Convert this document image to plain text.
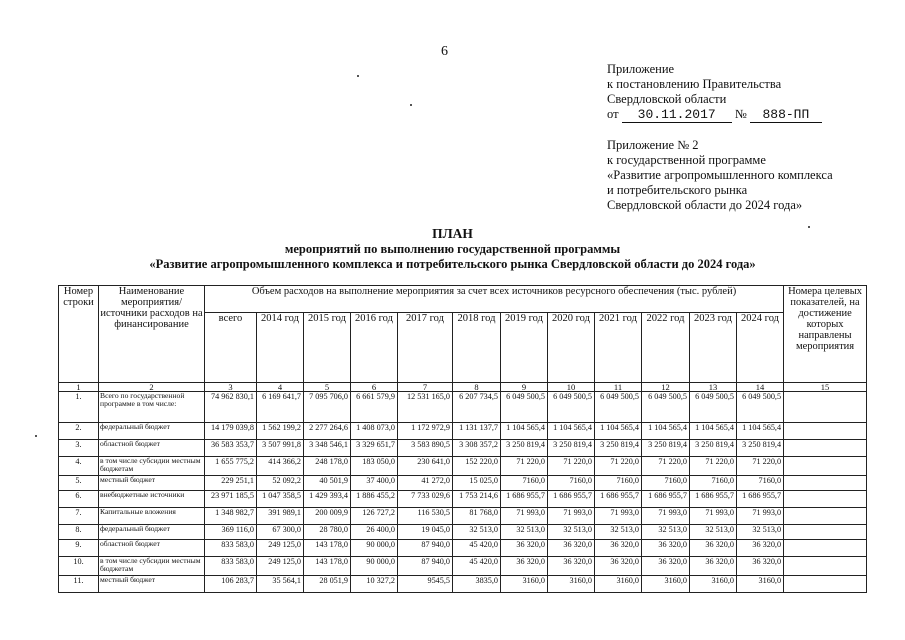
6
Приложение
к постановлению Правительства
Свердловской области
от 30.11.2017 № 888-ПП
Приложение № 2
к государственной программе
«Развитие агропромышленного комплекса
и потребительского рынка
Свердловской области до 2024 года»
ПЛАН
мероприятий по выполнению государственной программы
«Развитие агропромышленного комплекса и потребительского рынка Свердловской области до 2024 года»
Номер строки	Наименование мероприятия/ источники расходов на финансирование	Объем расходов на выполнение мероприятия за счет всех источников ресурсного обеспечения (тыс. рублей)												Номера целевых показателей, на достижение которых направлены мероприятия
		всего	2014 год	2015 год	2016 год	2017 год	2018 год	2019 год	2020 год	2021 год	2022 год	2023 год	2024 год	
1	2	3	4	5	6	7	8	9	10	11	12	13	14	15
1.	Всего по государственной программе в том числе:	74 962 830,1	6 169 641,7	7 095 706,0	6 661 579,9	12 531 165,0	6 207 734,5	6 049 500,5	6 049 500,5	6 049 500,5	6 049 500,5	6 049 500,5	6 049 500,5	
2.	федеральный бюджет	14 179 039,8	1 562 199,2	2 277 264,6	1 408 073,0	1 172 972,9	1 131 137,7	1 104 565,4	1 104 565,4	1 104 565,4	1 104 565,4	1 104 565,4	1 104 565,4	
3.	областной бюджет	36 583 353,7	3 507 991,8	3 348 546,1	3 329 651,7	3 583 890,5	3 308 357,2	3 250 819,4	3 250 819,4	3 250 819,4	3 250 819,4	3 250 819,4	3 250 819,4	
4.	в том числе субсидии местным бюджетам	1 655 775,2	414 366,2	248 178,0	183 050,0	230 641,0	152 220,0	71 220,0	71 220,0	71 220,0	71 220,0	71 220,0	71 220,0	
5.	местный бюджет	229 251,1	52 092,2	40 501,9	37 400,0	41 272,0	15 025,0	7160,0	7160,0	7160,0	7160,0	7160,0	7160,0	
6.	внебюджетные источники	23 971 185,5	1 047 358,5	1 429 393,4	1 886 455,2	7 733 029,6	1 753 214,6	1 686 955,7	1 686 955,7	1 686 955,7	1 686 955,7	1 686 955,7	1 686 955,7	
7.	Капитальные вложения	1 348 982,7	391 989,1	200 009,9	126 727,2	116 530,5	81 768,0	71 993,0	71 993,0	71 993,0	71 993,0	71 993,0	71 993,0	
8.	федеральный бюджет	369 116,0	67 300,0	28 780,0	26 400,0	19 045,0	32 513,0	32 513,0	32 513,0	32 513,0	32 513,0	32 513,0	32 513,0	
9.	областной бюджет	833 583,0	249 125,0	143 178,0	90 000,0	87 940,0	45 420,0	36 320,0	36 320,0	36 320,0	36 320,0	36 320,0	36 320,0	
10.	в том числе субсидии местным бюджетам	833 583,0	249 125,0	143 178,0	90 000,0	87 940,0	45 420,0	36 320,0	36 320,0	36 320,0	36 320,0	36 320,0	36 320,0	
11.	местный бюджет	106 283,7	35 564,1	28 051,9	10 327,2	9545,5	3835,0	3160,0	3160,0	3160,0	3160,0	3160,0	3160,0	
